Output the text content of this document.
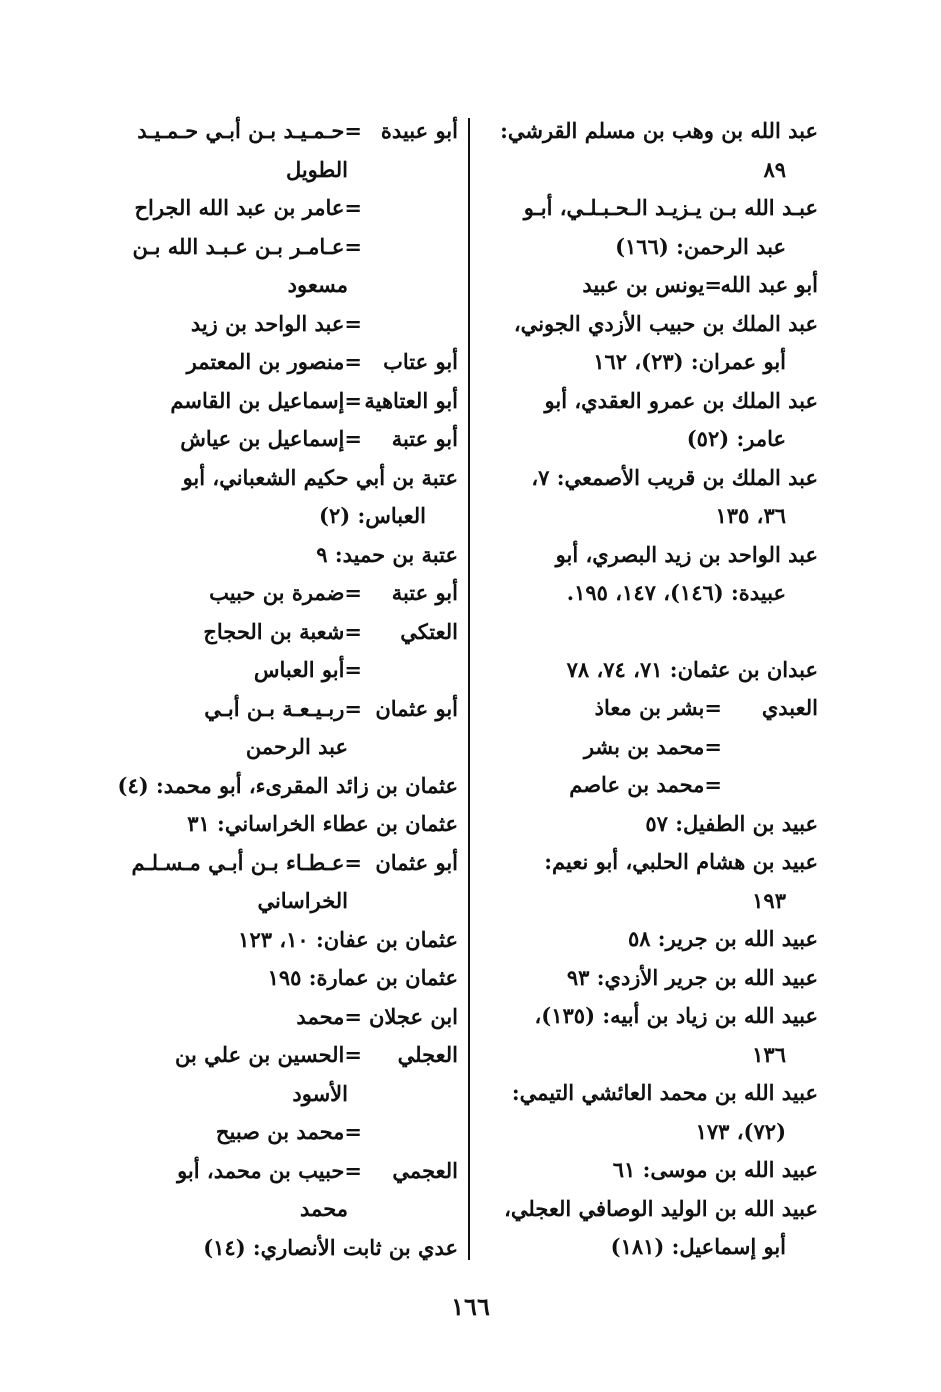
عبد الله بن وهب بن مسلم القرشي:
٨٩
عبـد الله بـن يـزيـد الـحـبـلـي، أبـو
عبد الرحمن: (١٦٦)
أبو عبد الله
=يونس بن عبيد
عبد الملك بن حبيب الأزدي الجوني،
أبو عمران: (٢٣)، ١٦٢
عبد الملك بن عمرو العقدي، أبو
عامر: (٥٢)
عبد الملك بن قريب الأصمعي: ٧،
٣٦، ١٣٥
عبد الواحد بن زيد البصري، أبو
عبيدة: (١٤٦)، ١٤٧، ١٩٥.
عبدان بن عثمان: ٧١، ٧٤، ٧٨
العبدي
=بشر بن معاذ
=محمد بن بشر
=محمد بن عاصم
عبيد بن الطفيل: ٥٧
عبيد بن هشام الحلبي، أبو نعيم:
١٩٣
عبيد الله بن جرير: ٥٨
عبيد الله بن جرير الأزدي: ٩٣
عبيد الله بن زياد بن أبيه: (١٣٥)،
١٣٦
عبيد الله بن محمد العائشي التيمي:
(٧٢)، ١٧٣
عبيد الله بن موسى: ٦١
عبيد الله بن الوليد الوصافي العجلي،
أبو إسماعيل: (١٨١)
أبو عبيدة
=حـمـيـد بـن أبـي حـمـيـد
الطويل
=عامر بن عبد الله الجراح
=عـامـر بـن عـبـد الله بـن
مسعود
=عبد الواحد بن زيد
أبو عتاب
=منصور بن المعتمر
أبو العتاهية
=إسماعيل بن القاسم
أبو عتبة
=إسماعيل بن عياش
عتبة بن أبي حكيم الشعباني، أبو
العباس: (٢)
عتبة بن حميد: ٩
أبو عتبة
=ضمرة بن حبيب
العتكي
=شعبة بن الحجاج
=أبو العباس
أبو عثمان
=ربـيـعـة بـن أبـي
عبد الرحمن
عثمان بن زائد المقرىء، أبو محمد: (٤)
عثمان بن عطاء الخراساني: ٣١
أبو عثمان
=عـطـاء بـن أبـي مـسـلـم
الخراساني
عثمان بن عفان: ١٠، ١٢٣
عثمان بن عمارة: ١٩٥
ابن عجلان
=محمد
العجلي
=الحسين بن علي بن
الأسود
=محمد بن صبيح
العجمي
=حبيب بن محمد، أبو
محمد
عدي بن ثابت الأنصاري: (١٤)
١٦٦
